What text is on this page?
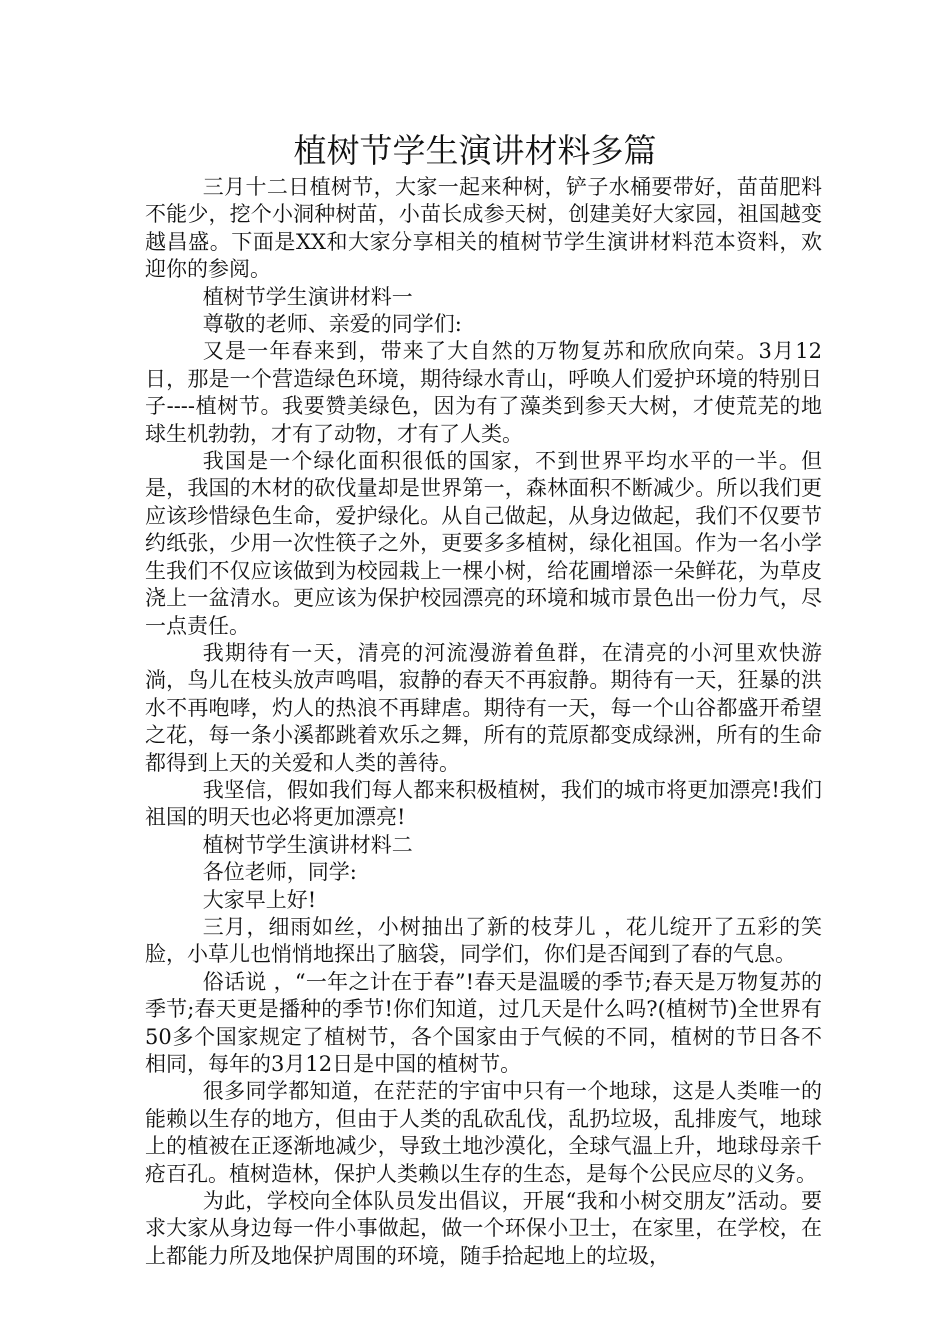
植树节学生演讲材料多篇

三月十二日植树节，大家一起来种树，铲子水桶要带好，苗苗肥料不能少，挖个小洞种树苗，小苗长成参天树，创建美好大家园，祖国越变越昌盛。下面是XX和大家分享相关的植树节学生演讲材料范本资料，欢迎你的参阅。

植树节学生演讲材料一

尊敬的老师、亲爱的同学们:

又是一年春来到，带来了大自然的万物复苏和欣欣向荣。3月12日，那是一个营造绿色环境，期待绿水青山，呼唤人们爱护环境的特别日子----植树节。我要赞美绿色，因为有了藻类到参天大树，才使荒芜的地球生机勃勃，才有了动物，才有了人类。

我国是一个绿化面积很低的国家，不到世界平均水平的一半。但是，我国的木材的砍伐量却是世界第一，森林面积不断减少。所以我们更应该珍惜绿色生命，爱护绿化。从自己做起，从身边做起，我们不仅要节约纸张，少用一次性筷子之外，更要多多植树，绿化祖国。作为一名小学生我们不仅应该做到为校园栽上一棵小树，给花圃增添一朵鲜花，为草皮浇上一盆清水。更应该为保护校园漂亮的环境和城市景色出一份力气，尽一点责任。

我期待有一天，清亮的河流漫游着鱼群，在清亮的小河里欢快游淌，鸟儿在枝头放声鸣唱，寂静的春天不再寂静。期待有一天，狂暴的洪水不再咆哮，灼人的热浪不再肆虐。期待有一天，每一个山谷都盛开希望之花，每一条小溪都跳着欢乐之舞，所有的荒原都变成绿洲，所有的生命都得到上天的关爱和人类的善待。

我坚信，假如我们每人都来积极植树，我们的城市将更加漂亮!我们祖国的明天也必将更加漂亮!

植树节学生演讲材料二

各位老师，同学:

大家早上好!

三月，细雨如丝，小树抽出了新的枝芽儿 ，花儿绽开了五彩的笑脸，小草儿也悄悄地探出了脑袋，同学们，你们是否闻到了春的气息。

俗话说 ，“一年之计在于春”!春天是温暖的季节;春天是万物复苏的季节;春天更是播种的季节!你们知道，过几天是什么吗?(植树节)全世界有50多个国家规定了植树节，各个国家由于气候的不同，植树的节日各不相同，每年的3月12日是中国的植树节。

很多同学都知道，在茫茫的宇宙中只有一个地球，这是人类唯一的能赖以生存的地方，但由于人类的乱砍乱伐，乱扔垃圾，乱排废气，地球上的植被在正逐渐地减少，导致土地沙漠化，全球气温上升，地球母亲千疮百孔。植树造林，保护人类赖以生存的生态，是每个公民应尽的义务。

为此，学校向全体队员发出倡议，开展“我和小树交朋友”活动。要求大家从身边每一件小事做起，做一个环保小卫士，在家里，在学校，在上都能力所及地保护周围的环境，随手拾起地上的垃圾，
